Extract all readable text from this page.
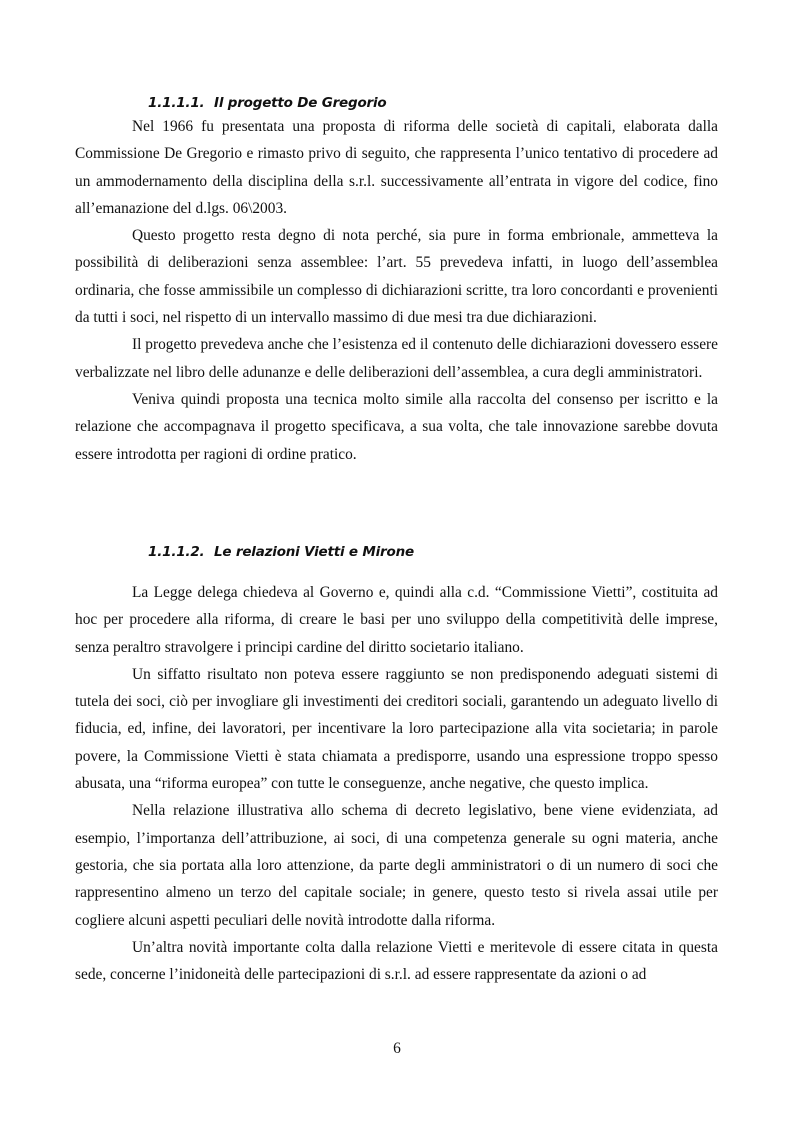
1.1.1.1. Il progetto De Gregorio

Nel 1966 fu presentata una proposta di riforma delle società di capitali, elaborata dalla Commissione De Gregorio e rimasto privo di seguito, che rappresenta l’unico tentativo di procedere ad un ammodernamento della disciplina della s.r.l. successivamente all’entrata in vigore del codice, fino all’emanazione del d.lgs. 06\2003.

Questo progetto resta degno di nota perché, sia pure in forma embrionale, ammetteva la possibilità di deliberazioni senza assemblee: l’art. 55 prevedeva infatti, in luogo dell’assemblea ordinaria, che fosse ammissibile un complesso di dichiarazioni scritte, tra loro concordanti e provenienti da tutti i soci, nel rispetto di un intervallo massimo di due mesi tra due dichiarazioni.

Il progetto prevedeva anche che l’esistenza ed il contenuto delle dichiarazioni dovessero essere verbalizzate nel libro delle adunanze e delle deliberazioni dell’assemblea, a cura degli amministratori.

Veniva quindi proposta una tecnica molto simile alla raccolta del consenso per iscritto e la relazione che accompagnava il progetto specificava, a sua volta, che tale innovazione sarebbe dovuta essere introdotta per ragioni di ordine pratico.

1.1.1.2. Le relazioni Vietti e Mirone

La Legge delega chiedeva al Governo e, quindi alla c.d. “Commissione Vietti”, costituita ad hoc per procedere alla riforma, di creare le basi per uno sviluppo della competitività delle imprese, senza peraltro stravolgere i principi cardine del diritto societario italiano.

Un siffatto risultato non poteva essere raggiunto se non predisponendo adeguati sistemi di tutela dei soci, ciò per invogliare gli investimenti dei creditori sociali, garantendo un adeguato livello di fiducia, ed, infine, dei lavoratori, per incentivare la loro partecipazione alla vita societaria; in parole povere, la Commissione Vietti è stata chiamata a predisporre, usando una espressione troppo spesso abusata, una “riforma europea” con tutte le conseguenze, anche negative, che questo implica.

Nella relazione illustrativa allo schema di decreto legislativo, bene viene evidenziata, ad esempio, l’importanza dell’attribuzione, ai soci, di una competenza generale su ogni materia, anche gestoria, che sia portata alla loro attenzione, da parte degli amministratori o di un numero di soci che rappresentino almeno un terzo del capitale sociale; in genere, questo testo si rivela assai utile per cogliere alcuni aspetti peculiari delle novità introdotte dalla riforma.

Un’altra novità importante colta dalla relazione Vietti e meritevole di essere citata in questa sede, concerne l’inidoneità delle partecipazioni di s.r.l. ad essere rappresentate da azioni o ad

6
